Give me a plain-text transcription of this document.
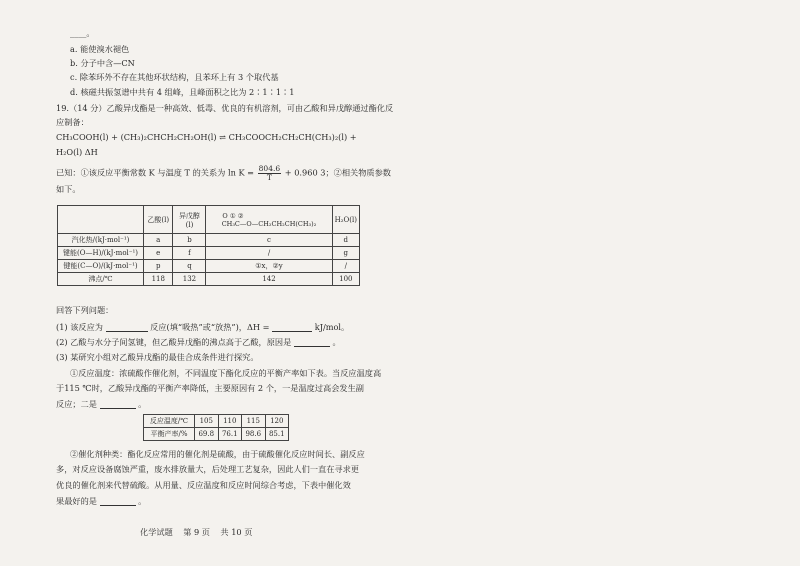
____。
a. 能使溴水褪色
b. 分子中含—CN
c. 除苯环外不存在其他环状结构，且苯环上有 3 个取代基
d. 核磁共振氢谱中共有 4 组峰，且峰面积之比为 2∶1∶1∶1
19.（14 分）乙酸异戊酯是一种高效、低毒、优良的有机溶剂，可由乙酸和异戊醇通过酯化反
应制备：
CH₃COOH(l) + (CH₃)₂CHCH₂CH₂OH(l) ⇌ CH₃COOCH₂CH₂CH(CH₃)₂(l) +
H₂O(l) ΔH
已知：①该反应平衡常数 K 与温度 T 的关系为 $\ln K = \frac{804.6}{T} + 0.960$ 3；②相关物质参数
如下。
	乙酸(l)	异戊醇(l)	O ① ②
CH₃C—O—CH₂CH₂CH(CH₃)₂	H₂O(l)
汽化热/(kJ·mol⁻¹)	a	b	c	d
键能(O—H)/(kJ·mol⁻¹)	e	f	/	g
键能(C—O)/(kJ·mol⁻¹)	p	q	①x，②y	/
沸点/℃	118	132	142	100
回答下列问题：
(1) 该反应为	反应(填“吸热”或“放热”)，ΔH =	kJ/mol。
(2) 乙酸与水分子间氢键，但乙酸异戊酯的沸点高于乙酸，原因是	。
(3) 某研究小组对乙酸异戊酯的最佳合成条件进行探究。
①反应温度：浓硫酸作催化剂，不同温度下酯化反应的平衡产率如下表。当反应温度高
于115 ℃时，乙酸异戊酯的平衡产率降低，主要原因有 2 个，一是温度过高会发生副
反应；二是	。
反应温度/℃	105	110	115	120
平衡产率/%	69.8	76.1	98.6	85.1
②催化剂种类：酯化反应常用的催化剂是硫酸，由于硫酸催化反应时间长、副反应
多，对反应设备腐蚀严重，废水排放量大，后处理工艺复杂，因此人们一直在寻求更
优良的催化剂来代替硫酸。从用量、反应温度和反应时间综合考虑，下表中催化效
果最好的是	。
化学试题 第 9 页 共 10 页
